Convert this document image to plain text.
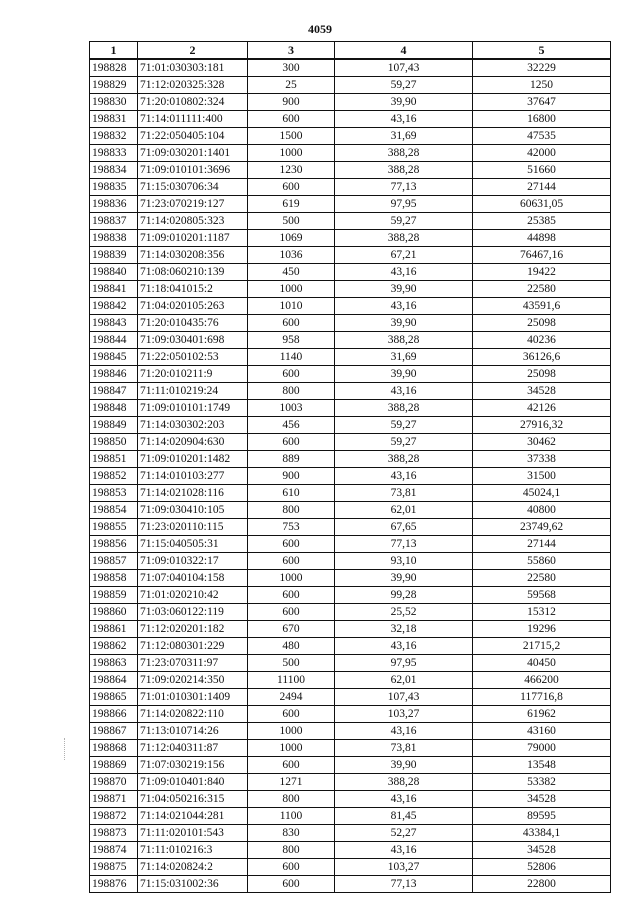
4059
1	2	3	4	5
198828	71:01:030303:181	300	107,43	32229
198829	71:12:020325:328	25	59,27	1250
198830	71:20:010802:324	900	39,90	37647
198831	71:14:011111:400	600	43,16	16800
198832	71:22:050405:104	1500	31,69	47535
198833	71:09:030201:1401	1000	388,28	42000
198834	71:09:010101:3696	1230	388,28	51660
198835	71:15:030706:34	600	77,13	27144
198836	71:23:070219:127	619	97,95	60631,05
198837	71:14:020805:323	500	59,27	25385
198838	71:09:010201:1187	1069	388,28	44898
198839	71:14:030208:356	1036	67,21	76467,16
198840	71:08:060210:139	450	43,16	19422
198841	71:18:041015:2	1000	39,90	22580
198842	71:04:020105:263	1010	43,16	43591,6
198843	71:20:010435:76	600	39,90	25098
198844	71:09:030401:698	958	388,28	40236
198845	71:22:050102:53	1140	31,69	36126,6
198846	71:20:010211:9	600	39,90	25098
198847	71:11:010219:24	800	43,16	34528
198848	71:09:010101:1749	1003	388,28	42126
198849	71:14:030302:203	456	59,27	27916,32
198850	71:14:020904:630	600	59,27	30462
198851	71:09:010201:1482	889	388,28	37338
198852	71:14:010103:277	900	43,16	31500
198853	71:14:021028:116	610	73,81	45024,1
198854	71:09:030410:105	800	62,01	40800
198855	71:23:020110:115	753	67,65	23749,62
198856	71:15:040505:31	600	77,13	27144
198857	71:09:010322:17	600	93,10	55860
198858	71:07:040104:158	1000	39,90	22580
198859	71:01:020210:42	600	99,28	59568
198860	71:03:060122:119	600	25,52	15312
198861	71:12:020201:182	670	32,18	19296
198862	71:12:080301:229	480	43,16	21715,2
198863	71:23:070311:97	500	97,95	40450
198864	71:09:020214:350	11100	62,01	466200
198865	71:01:010301:1409	2494	107,43	117716,8
198866	71:14:020822:110	600	103,27	61962
198867	71:13:010714:26	1000	43,16	43160
198868	71:12:040311:87	1000	73,81	79000
198869	71:07:030219:156	600	39,90	13548
198870	71:09:010401:840	1271	388,28	53382
198871	71:04:050216:315	800	43,16	34528
198872	71:14:021044:281	1100	81,45	89595
198873	71:11:020101:543	830	52,27	43384,1
198874	71:11:010216:3	800	43,16	34528
198875	71:14:020824:2	600	103,27	52806
198876	71:15:031002:36	600	77,13	22800
